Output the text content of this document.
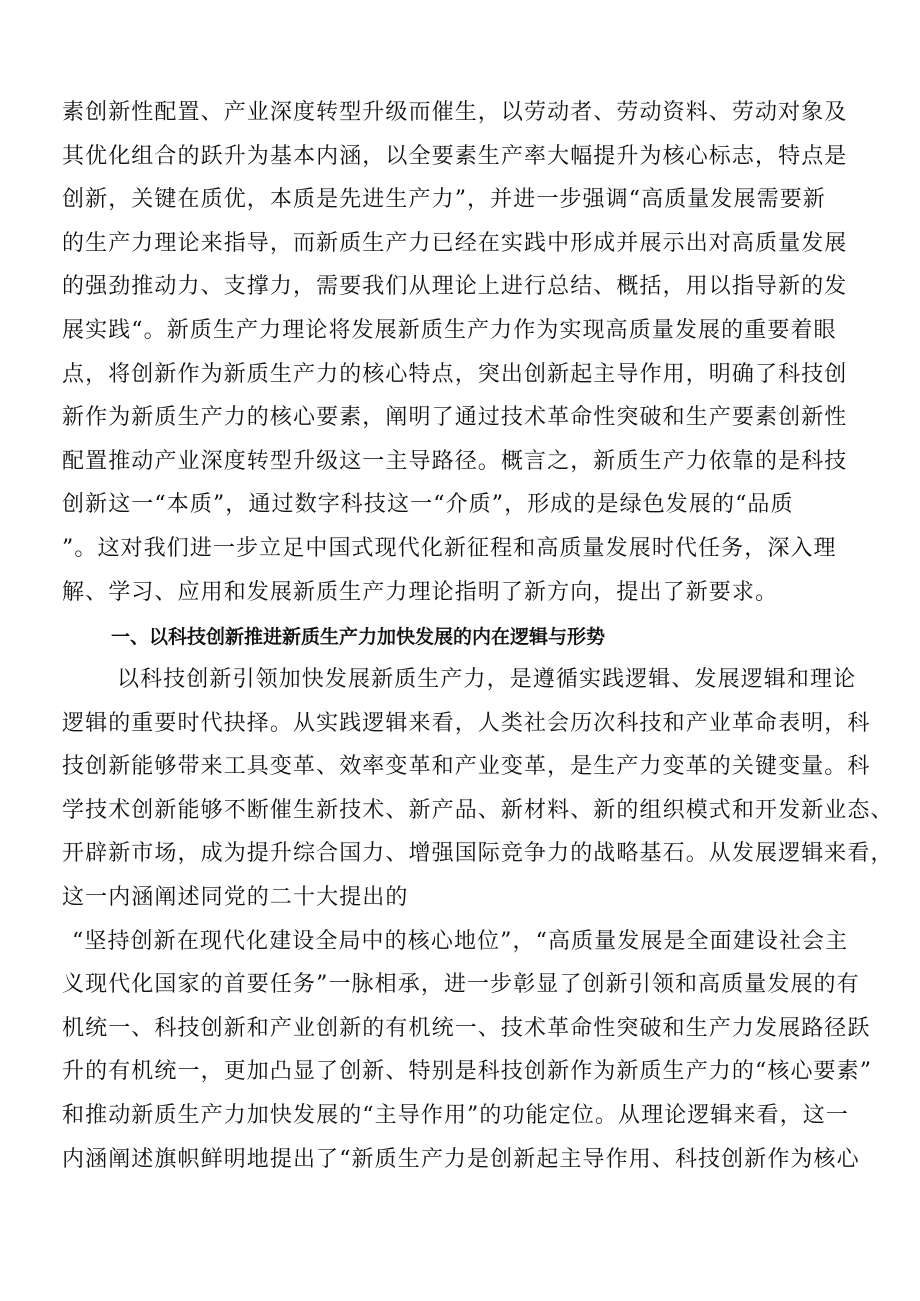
素创新性配置、产业深度转型升级而催生，以劳动者、劳动资料、劳动对象及
其优化组合的跃升为基本内涵，以全要素生产率大幅提升为核心标志，特点是
创新，关键在质优，本质是先进生产力”，并进一步强调“高质量发展需要新
的生产力理论来指导，而新质生产力已经在实践中形成并展示出对高质量发展
的强劲推动力、支撑力，需要我们从理论上进行总结、概括，用以指导新的发
展实践“。新质生产力理论将发展新质生产力作为实现高质量发展的重要着眼
点，将创新作为新质生产力的核心特点，突出创新起主导作用，明确了科技创
新作为新质生产力的核心要素，阐明了通过技术革命性突破和生产要素创新性
配置推动产业深度转型升级这一主导路径。概言之，新质生产力依靠的是科技
创新这一“本质”，通过数字科技这一“介质”，形成的是绿色发展的“品质
”。这对我们进一步立足中国式现代化新征程和高质量发展时代任务，深入理
解、学习、应用和发展新质生产力理论指明了新方向，提出了新要求。
一、以科技创新推进新质生产力加快发展的内在逻辑与形势
以科技创新引领加快发展新质生产力，是遵循实践逻辑、发展逻辑和理论
逻辑的重要时代抉择。从实践逻辑来看，人类社会历次科技和产业革命表明，科
技创新能够带来工具变革、效率变革和产业变革，是生产力变革的关键变量。科
学技术创新能够不断催生新技术、新产品、新材料、新的组织模式和开发新业态、
开辟新市场，成为提升综合国力、增强国际竞争力的战略基石。从发展逻辑来看，
这一内涵阐述同党的二十大提出的
“坚持创新在现代化建设全局中的核心地位”，“高质量发展是全面建设社会主
义现代化国家的首要任务”一脉相承，进一步彰显了创新引领和高质量发展的有
机统一、科技创新和产业创新的有机统一、技术革命性突破和生产力发展路径跃
升的有机统一，更加凸显了创新、特别是科技创新作为新质生产力的“核心要素”
和推动新质生产力加快发展的“主导作用”的功能定位。从理论逻辑来看，这一
内涵阐述旗帜鲜明地提出了“新质生产力是创新起主导作用、科技创新作为核心
